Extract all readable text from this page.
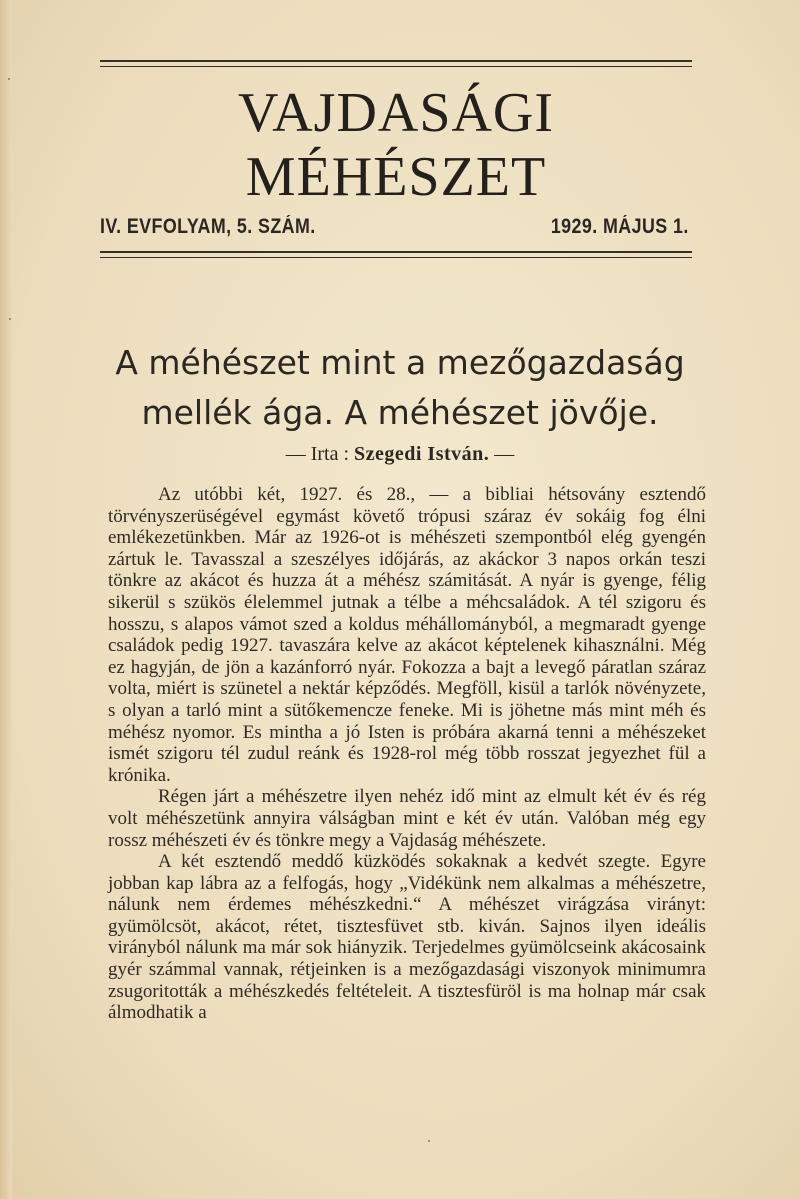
VAJDASÁGI MÉHÉSZET
IV. EVFOLYAM, 5. SZÁM.	1929. MÁJUS 1.
A méhészet mint a mezőgazdaság
mellék ága. A méhészet jövője.
— Irta : Szegedi István. —

Az utóbbi két, 1927. és 28., — a bibliai hétsovány esztendő törvényszerüségével egymást követő trópusi száraz év sokáig fog élni emlékezetünkben. Már az 1926-ot is méhészeti szempontból elég gyengén zártuk le. Tavasszal a szeszélyes időjárás, az akáckor 3 napos orkán teszi tönkre az akácot és huzza át a méhész számitását. A nyár is gyenge, félig sikerül s szükös élelemmel jutnak a télbe a méhcsaládok. A tél szigoru és hosszu, s alapos vámot szed a koldus méhállományból, a megmaradt gyenge családok pedig 1927. tavaszára kelve az akácot képtelenek kihasználni. Még ez hagyján, de jön a kazánforró nyár. Fokozza a bajt a levegő páratlan száraz volta, miért is szünetel a nektár képződés. Megföll, kisül a tarlók növényzete, s olyan a tarló mint a sütőkemencze feneke. Mi is jöhetne más mint méh és méhész nyomor. Es mintha a jó Isten is próbára akarná tenni a méhészeket ismét szigoru tél zudul reánk és 1928-rol még több rosszat jegyezhet fül a krónika.

Régen járt a méhészetre ilyen nehéz idő mint az elmult két év és rég volt méhészetünk annyira válságban mint e két év után. Valóban még egy rossz méhészeti év és tönkre megy a Vajdaság méhészete.

A két esztendő meddő küzködés sokaknak a kedvét szegte. Egyre jobban kap lábra az a felfogás, hogy „Vidékünk nem alkalmas a méhészetre, nálunk nem érdemes méhészkedni.“ A méhészet virágzása virányt: gyümölcsöt, akácot, rétet, tisztesfüvet stb. kiván. Sajnos ilyen ideális virányból nálunk ma már sok hiányzik. Terjedelmes gyümölcseink akácosaink gyér számmal vannak, rétjeinken is a mezőgazdasági viszonyok minimumra zsugoritották a méhészkedés feltételeit. A tisztesfüröl is ma holnap már csak álmodhatik a
